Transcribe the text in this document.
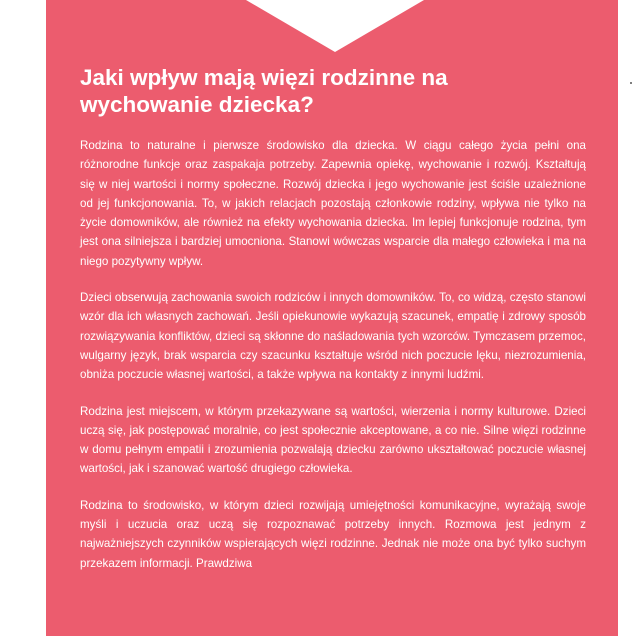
Jaki wpływ mają więzi rodzinne na wychowanie dziecka?

Rodzina to naturalne i pierwsze środowisko dla dziecka. W ciągu całego życia pełni ona różnorodne funkcje oraz zaspakaja potrzeby. Zapewnia opiekę, wychowanie i rozwój. Kształtują się w niej wartości i normy społeczne. Rozwój dziecka i jego wychowanie jest ściśle uzależnione od jej funkcjonowania. To, w jakich relacjach pozostają członkowie rodziny, wpływa nie tylko na życie domowników, ale również na efekty wychowania dziecka. Im lepiej funkcjonuje rodzina, tym jest ona silniejsza i bardziej umocniona. Stanowi wówczas wsparcie dla małego człowieka i ma na niego pozytywny wpływ.

Dzieci obserwują zachowania swoich rodziców i innych domowników. To, co widzą, często stanowi wzór dla ich własnych zachowań. Jeśli opiekunowie wykazują szacunek, empatię i zdrowy sposób rozwiązywania konfliktów, dzieci są skłonne do naśladowania tych wzorców. Tymczasem przemoc, wulgarny język, brak wsparcia czy szacunku kształtuje wśród nich poczucie lęku, niezrozumienia, obniża poczucie własnej wartości, a także wpływa na kontakty z innymi ludźmi.

Rodzina jest miejscem, w którym przekazywane są wartości, wierzenia i normy kulturowe. Dzieci uczą się, jak postępować moralnie, co jest społecznie akceptowane, a co nie. Silne więzi rodzinne w domu pełnym empatii i zrozumienia pozwalają dziecku zarówno ukształtować poczucie własnej wartości, jak i szanować wartość drugiego człowieka.

Rodzina to środowisko, w którym dzieci rozwijają umiejętności komunikacyjne, wyrażają swoje myśli i uczucia oraz uczą się rozpoznawać potrzeby innych. Rozmowa jest jednym z najważniejszych czynników wspierających więzi rodzinne. Jednak nie może ona być tylko suchym przekazem informacji. Prawdziwa
